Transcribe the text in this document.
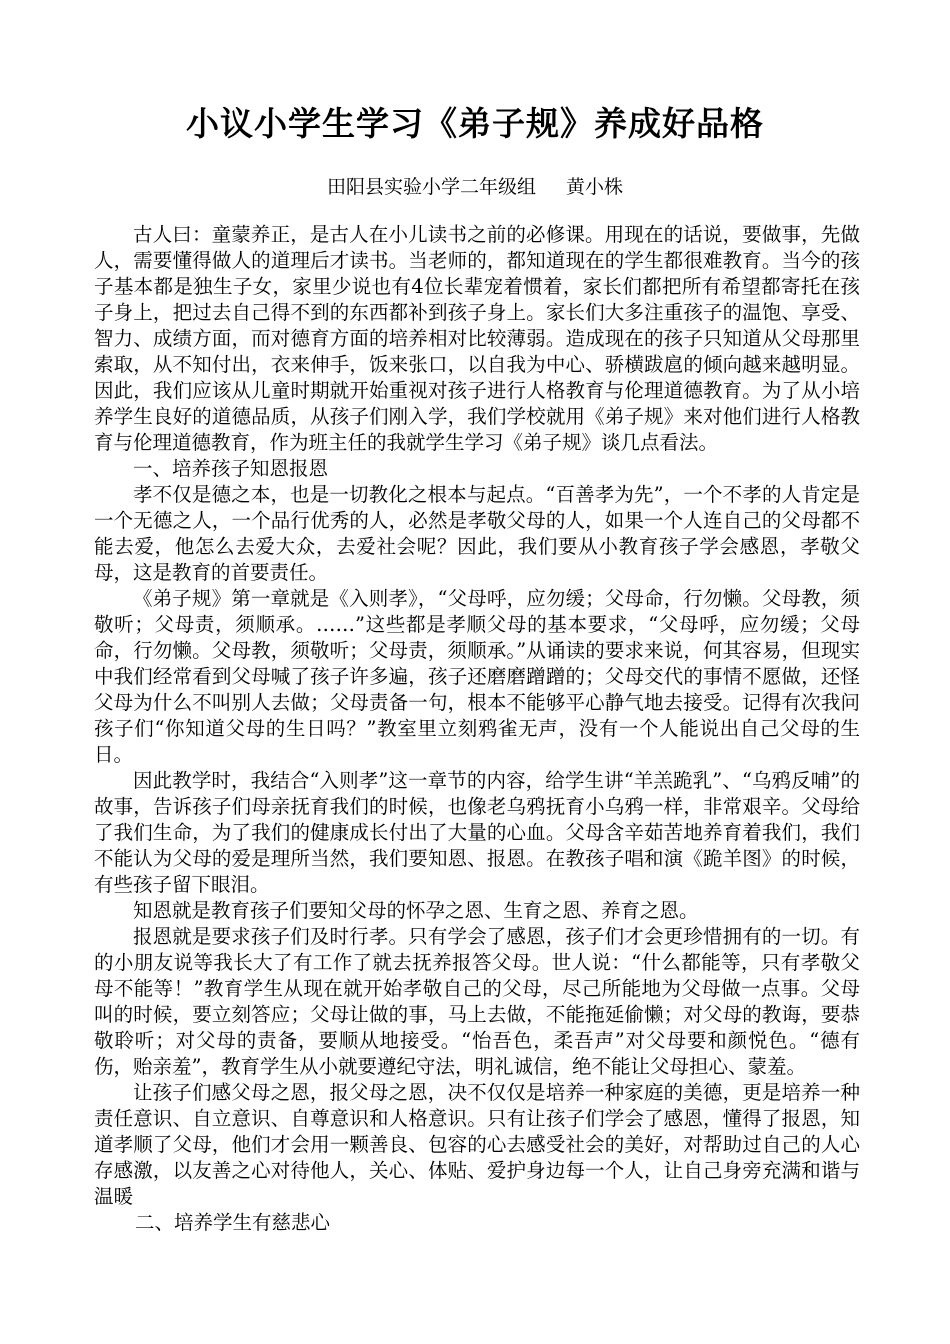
小议小学生学习《弟子规》养成好品格
田阳县实验小学二年级组 黄小株

古人曰：童蒙养正，是古人在小儿读书之前的必修课。用现在的话说，要做事，先做人，需要懂得做人的道理后才读书。当老师的，都知道现在的学生都很难教育。当今的孩子基本都是独生子女，家里少说也有4位长辈宠着惯着，家长们都把所有希望都寄托在孩子身上，把过去自己得不到的东西都补到孩子身上。家长们大多注重孩子的温饱、享受、智力、成绩方面，而对德育方面的培养相对比较薄弱。造成现在的孩子只知道从父母那里索取，从不知付出，衣来伸手，饭来张口，以自我为中心、骄横跋扈的倾向越来越明显。因此，我们应该从儿童时期就开始重视对孩子进行人格教育与伦理道德教育。为了从小培养学生良好的道德品质，从孩子们刚入学，我们学校就用《弟子规》来对他们进行人格教育与伦理道德教育，作为班主任的我就学生学习《弟子规》谈几点看法。

一、培养孩子知恩报恩

孝不仅是德之本，也是一切教化之根本与起点。“百善孝为先”，一个不孝的人肯定是一个无德之人，一个品行优秀的人，必然是孝敬父母的人，如果一个人连自己的父母都不能去爱，他怎么去爱大众，去爱社会呢？因此，我们要从小教育孩子学会感恩，孝敬父母，这是教育的首要责任。

《弟子规》第一章就是《入则孝》，“父母呼，应勿缓；父母命，行勿懒。父母教，须敬听；父母责，须顺承。……”这些都是孝顺父母的基本要求，“父母呼，应勿缓；父母命，行勿懒。父母教，须敬听；父母责，须顺承。”从诵读的要求来说，何其容易，但现实中我们经常看到父母喊了孩子许多遍，孩子还磨磨蹭蹭的；父母交代的事情不愿做，还怪父母为什么不叫别人去做；父母责备一句，根本不能够平心静气地去接受。记得有次我问孩子们“你知道父母的生日吗？”教室里立刻鸦雀无声，没有一个人能说出自己父母的生日。

因此教学时，我结合“入则孝”这一章节的内容，给学生讲“羊羔跪乳”、“乌鸦反哺”的故事，告诉孩子们母亲抚育我们的时候，也像老乌鸦抚育小乌鸦一样，非常艰辛。父母给了我们生命，为了我们的健康成长付出了大量的心血。父母含辛茹苦地养育着我们，我们不能认为父母的爱是理所当然，我们要知恩、报恩。在教孩子唱和演《跪羊图》的时候，有些孩子留下眼泪。

知恩就是教育孩子们要知父母的怀孕之恩、生育之恩、养育之恩。

报恩就是要求孩子们及时行孝。只有学会了感恩，孩子们才会更珍惜拥有的一切。有的小朋友说等我长大了有工作了就去抚养报答父母。世人说：“什么都能等，只有孝敬父母不能等！”教育学生从现在就开始孝敬自己的父母，尽己所能地为父母做一点事。父母叫的时候，要立刻答应；父母让做的事，马上去做，不能拖延偷懒；对父母的教诲，要恭敬聆听；对父母的责备，要顺从地接受。“怡吾色，柔吾声”对父母要和颜悦色。“德有伤，贻亲羞”，教育学生从小就要遵纪守法，明礼诚信，绝不能让父母担心、蒙羞。

让孩子们感父母之恩，报父母之恩，决不仅仅是培养一种家庭的美德，更是培养一种责任意识、自立意识、自尊意识和人格意识。只有让孩子们学会了感恩，懂得了报恩，知道孝顺了父母，他们才会用一颗善良、包容的心去感受社会的美好，对帮助过自己的人心存感激，以友善之心对待他人，关心、体贴、爱护身边每一个人，让自己身旁充满和谐与温暖

二、培养学生有慈悲心
